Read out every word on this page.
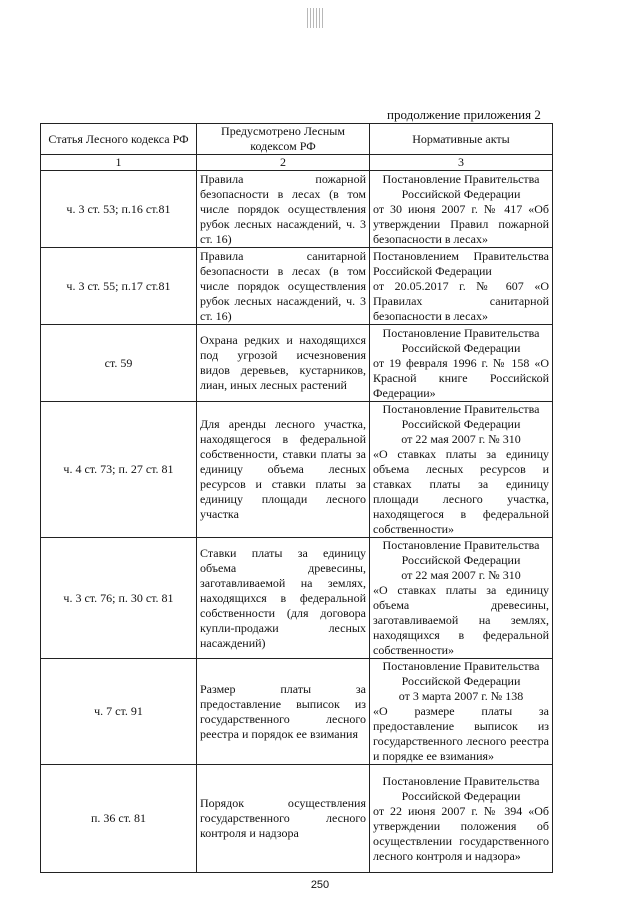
продолжение приложения 2
Статья Лесного кодекса РФ	Предусмотрено Лесным кодексом РФ	Нормативные акты
1	2	3
ч. 3 ст. 53; п.16 ст.81	Правила пожарной безопасности в лесах (в том числе порядок осуществления рубок лесных насаждений, ч. 3 ст. 16)	Постановление Правительства Российской Федерации
от 30 июня 2007 г. № 417 «Об утверждении Правил пожарной безопасности в лесах»

ч. 3 ст. 55; п.17 ст.81	Правила санитарной безопасности в лесах (в том числе порядок осуществления рубок лесных насаждений, ч. 3 ст. 16)	Постановлением Правительства Российской Федерации
от 20.05.2017 г. № 607 «О Правилах санитарной безопасности в лесах»

ст. 59	Охрана редких и находящихся под угрозой исчезновения видов деревьев, кустарников, лиан, иных лесных растений	Постановление Правительства Российской Федерации
от 19 февраля 1996 г. № 158 «О Красной книге Российской Федерации»

ч. 4 ст. 73; п. 27 ст. 81	Для аренды лесного участка, находящегося в федеральной собственности, ставки платы за единицу объема лесных ресурсов и ставки платы за единицу площади лесного участка	Постановление Правительства Российской Федерации
от 22 мая 2007 г. № 310
«О ставках платы за единицу объема лесных ресурсов и ставках платы за единицу площади лесного участка, находящегося в федеральной собственности»

ч. 3 ст. 76; п. 30 ст. 81	Ставки платы за единицу объема древесины, заготавливаемой на землях, находящихся в федеральной собственности (для договора купли-продажи лесных насаждений)	Постановление Правительства Российской Федерации
от 22 мая 2007 г. № 310
«О ставках платы за единицу объема древесины, заготавливаемой на землях, находящихся в федеральной собственности»

ч. 7 ст. 91	Размер платы за предоставление выписок из государственного лесного реестра и порядок ее взимания	Постановление Правительства Российской Федерации
от 3 марта 2007 г. № 138
«О размере платы за предоставление выписок из государственного лесного реестра и порядке ее взимания»

п. 36 ст. 81	Порядок осуществления государственного лесного контроля и надзора	Постановление Правительства Российской Федерации
от 22 июня 2007 г. № 394 «Об утверждении положения об осуществлении государственного лесного контроля и надзора»
250
